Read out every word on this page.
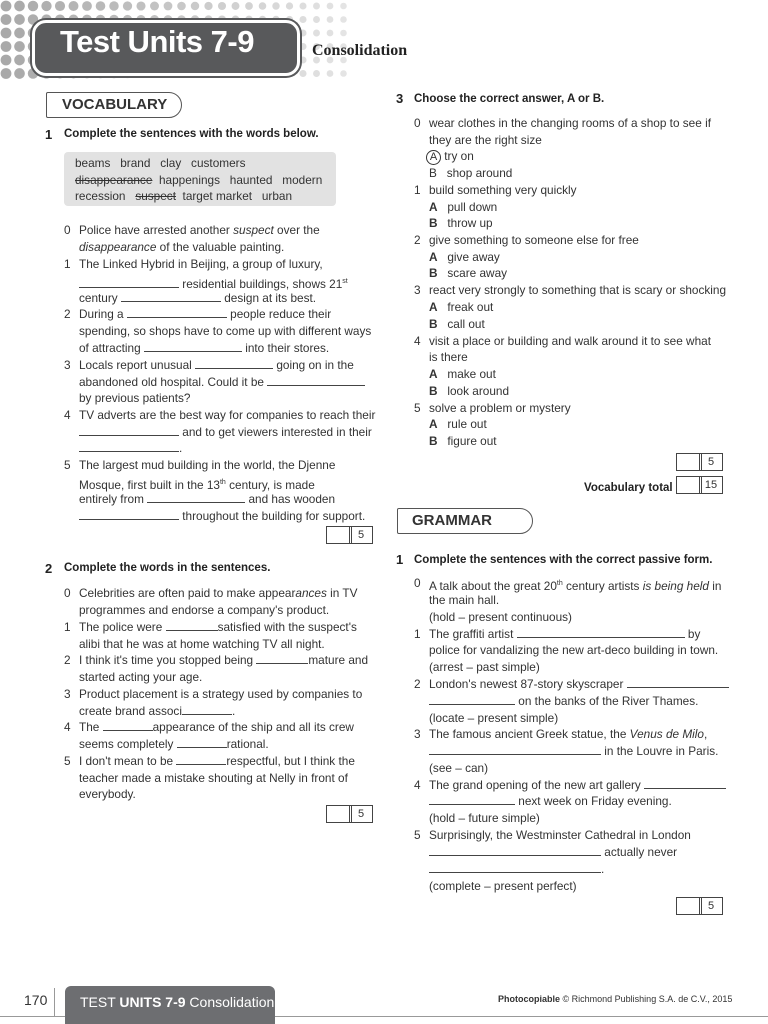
Test Units 7-9	Consolidation
VOCABULARY
1 Complete the sentences with the words below.
beams   brand   clay   customers
disappearance  happenings   haunted   modern
recession   suspect  target market   urban
0 Police have arrested another suspect over the
disappearance of the valuable painting.
1 The Linked Hybrid in Beijing, a group of luxury,
residential buildings, shows 21st
century	design at its best.
2 During a	people reduce their
spending, so shops have to come up with different ways
of attracting	into their stores.
3 Locals report unusual	going on in the
abandoned old hospital. Could it be
by previous patients?
4 TV adverts are the best way for companies to reach their
and to get viewers interested in their
.
5 The largest mud building in the world, the Djenne
Mosque, first built in the 13th century, is made
entirely from	and has wooden
throughout the building for support.
5
2 Complete the words in the sentences.
0 Celebrities are often paid to make appearances in TV
programmes and endorse a company's product.
1 The police were	satisfied with the suspect's
alibi that he was at home watching TV all night.
2 I think it's time you stopped being	mature and
started acting your age.
3 Product placement is a strategy used by companies to
create brand associ	.
4 The	appearance of the ship and all its crew
seems completely	rational.
5 I don't mean to be	respectful, but I think the
teacher made a mistake shouting at Nelly in front of
everybody.
5
3 Choose the correct answer, A or B.
0 wear clothes in the changing rooms of a shop to see if
they are the right size
A try on
B shop around
1 build something very quickly
A pull down
B throw up
2 give something to someone else for free
A give away
B scare away
3 react very strongly to something that is scary or shocking
A freak out
B call out
4 visit a place or building and walk around it to see what
is there
A make out
B look around
5 solve a problem or mystery
A rule out
B figure out
5
Vocabulary total	15
GRAMMAR
1 Complete the sentences with the correct passive form.
0 A talk about the great 20th century artists is being held in
the main hall.
(hold – present continuous)
1 The graffiti artist	by
police for vandalizing the new art-deco building in town.
(arrest – past simple)
2 London's newest 87-story skyscraper
on the banks of the River Thames.
(locate – present simple)
3 The famous ancient Greek statue, the Venus de Milo,
in the Louvre in Paris.
(see – can)
4 The grand opening of the new art gallery
next week on Friday evening.
(hold – future simple)
5 Surprisingly, the Westminster Cathedral in London
actually never
.
(complete – present perfect)
5
170 TEST UNITS 7-9 Consolidation	Photocopiable © Richmond Publishing S.A. de C.V., 2015
